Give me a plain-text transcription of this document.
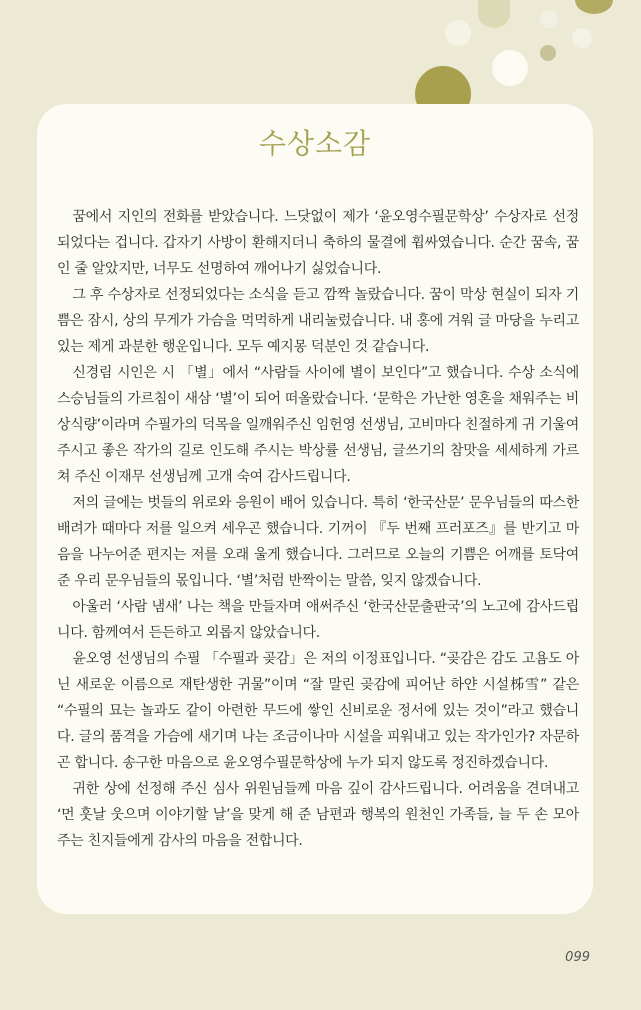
수상소감

꿈에서 지인의 전화를 받았습니다. 느닷없이 제가 ‘윤오영수필문학상’ 수상자로 선정되었다는 겁니다. 갑자기 사방이 환해지더니 축하의 물결에 휩싸였습니다. 순간 꿈속, 꿈인 줄 알았지만, 너무도 선명하여 깨어나기 싫었습니다.

그 후 수상자로 선정되었다는 소식을 듣고 깜짝 놀랐습니다. 꿈이 막상 현실이 되자 기쁨은 잠시, 상의 무게가 가슴을 먹먹하게 내리눌렀습니다. 내 홍에 겨워 글 마당을 누리고 있는 제게 과분한 행운입니다. 모두 예지몽 덕분인 것 같습니다.

신경림 시인은 시 「별」에서 “사람들 사이에 별이 보인다”고 했습니다. 수상 소식에 스승님들의 가르침이 새삼 ‘별’이 되어 떠올랐습니다. ‘문학은 가난한 영혼을 채워주는 비상식량’이라며 수필가의 덕목을 일깨워주신 임헌영 선생님, 고비마다 친절하게 귀 기울여 주시고 좋은 작가의 길로 인도해 주시는 박상률 선생님, 글쓰기의 참맛을 세세하게 가르쳐 주신 이재무 선생님께 고개 숙여 감사드립니다.

저의 글에는 벗들의 위로와 응원이 배어 있습니다. 특히 ‘한국산문’ 문우님들의 따스한 배려가 때마다 저를 일으켜 세우곤 했습니다. 기꺼이 『두 번째 프러포즈』를 반기고 마음을 나누어준 편지는 저를 오래 울게 했습니다. 그러므로 오늘의 기쁨은 어깨를 토닥여 준 우리 문우님들의 몫입니다. ‘별’처럼 반짝이는 말씀, 잊지 않겠습니다.

아울러 ‘사람 냄새’ 나는 책을 만들자며 애써주신 ‘한국산문출판국’의 노고에 감사드립니다. 함께여서 든든하고 외롭지 않았습니다.

윤오영 선생님의 수필 「수필과 곶감」은 저의 이정표입니다. “곶감은 감도 고욤도 아닌 새로운 이름으로 재탄생한 귀물”이며 “잘 말린 곶감에 피어난 하얀 시설柹雪” 같은 “수필의 묘는 놀과도 같이 아련한 무드에 쌓인 신비로운 정서에 있는 것이”라고 했습니다. 글의 품격을 가슴에 새기며 나는 조금이나마 시설을 피워내고 있는 작가인가? 자문하곤 합니다. 송구한 마음으로 윤오영수필문학상에 누가 되지 않도록 정진하겠습니다.

귀한 상에 선정해 주신 심사 위원님들께 마음 깊이 감사드립니다. 어려움을 견뎌내고 ‘먼 훗날 웃으며 이야기할 날’을 맞게 해 준 남편과 행복의 원천인 가족들, 늘 두 손 모아 주는 친지들에게 감사의 마음을 전합니다.

099
